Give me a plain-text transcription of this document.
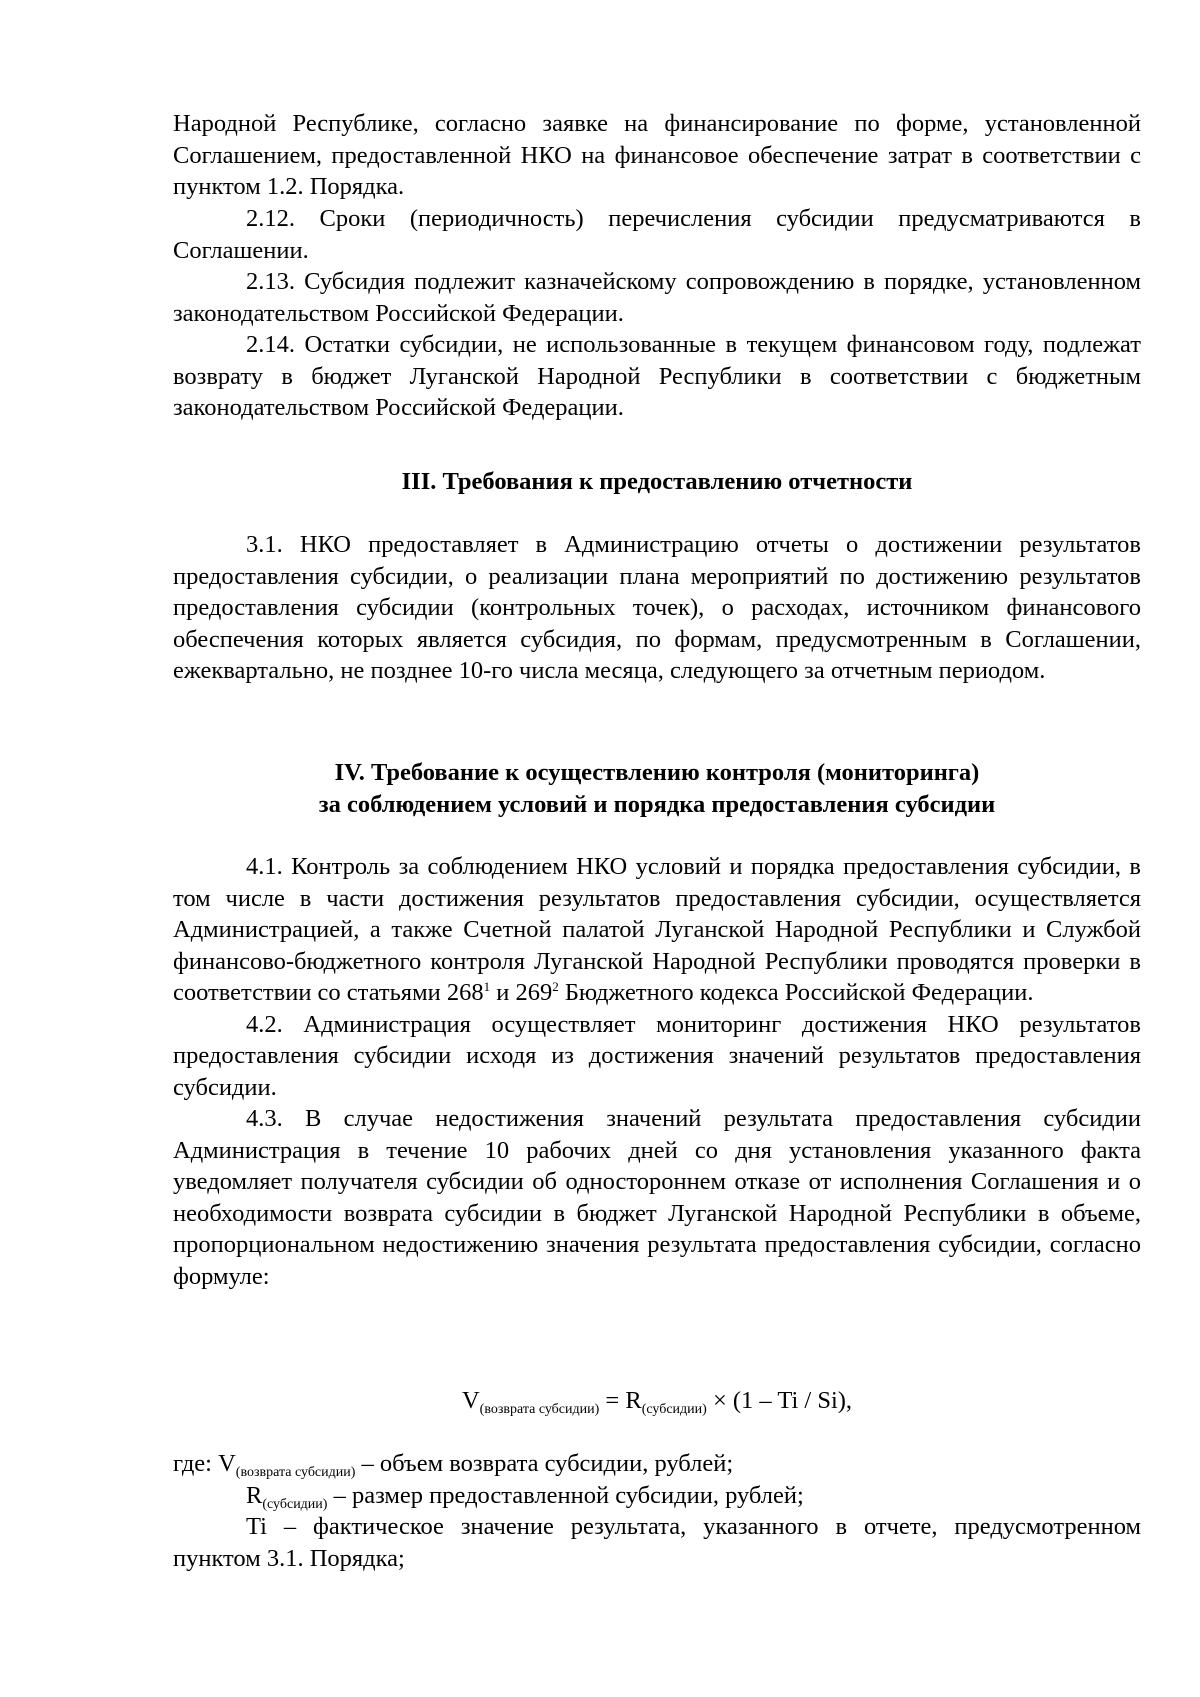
Народной Республике, согласно заявке на финансирование по форме, установленной Соглашением, предоставленной НКО на финансовое обеспечение затрат в соответствии с пунктом 1.2. Порядка.

2.12. Сроки (периодичность) перечисления субсидии предусматриваются в Соглашении.

2.13. Субсидия подлежит казначейскому сопровождению в порядке, установленном законодательством Российской Федерации.

2.14. Остатки субсидии, не использованные в текущем финансовом году, подлежат возврату в бюджет Луганской Народной Республики в соответствии с бюджетным законодательством Российской Федерации.

III. Требования к предоставлению отчетности

3.1. НКО предоставляет в Администрацию отчеты о достижении результатов предоставления субсидии, о реализации плана мероприятий по достижению результатов предоставления субсидии (контрольных точек), о расходах, источником финансового обеспечения которых является субсидия, по формам, предусмотренным в Соглашении, ежеквартально, не позднее 10-го числа месяца, следующего за отчетным периодом.

IV. Требование к осуществлению контроля (мониторинга)

за соблюдением условий и порядка предоставления субсидии

4.1. Контроль за соблюдением НКО условий и порядка предоставления субсидии, в том числе в части достижения результатов предоставления субсидии, осуществляется Администрацией, а также Счетной палатой Луганской Народной Республики и Службой финансово-бюджетного контроля Луганской Народной Республики проводятся проверки в соответствии со статьями $268^1$ и $269^2$ Бюджетного кодекса Российской Федерации.

4.2. Администрация осуществляет мониторинг достижения НКО результатов предоставления субсидии исходя из достижения значений результатов предоставления субсидии.

4.3. В случае недостижения значений результата предоставления субсидии Администрация в течение 10 рабочих дней со дня установления указанного факта уведомляет получателя субсидии об одностороннем отказе от исполнения Соглашения и о необходимости возврата субсидии в бюджет Луганской Народной Республики в объеме, пропорциональном недостижению значения результата предоставления субсидии, согласно формуле:

$V_{(возврата субсидии)} = R_{(субсидии)} \times (1 - Ti / Si)$,

где: $V_{(возврата субсидии)}$ – объем возврата субсидии, рублей;

$R_{(субсидии)}$ – размер предоставленной субсидии, рублей;

Ti – фактическое значение результата, указанного в отчете, предусмотренном пунктом 3.1. Порядка;
